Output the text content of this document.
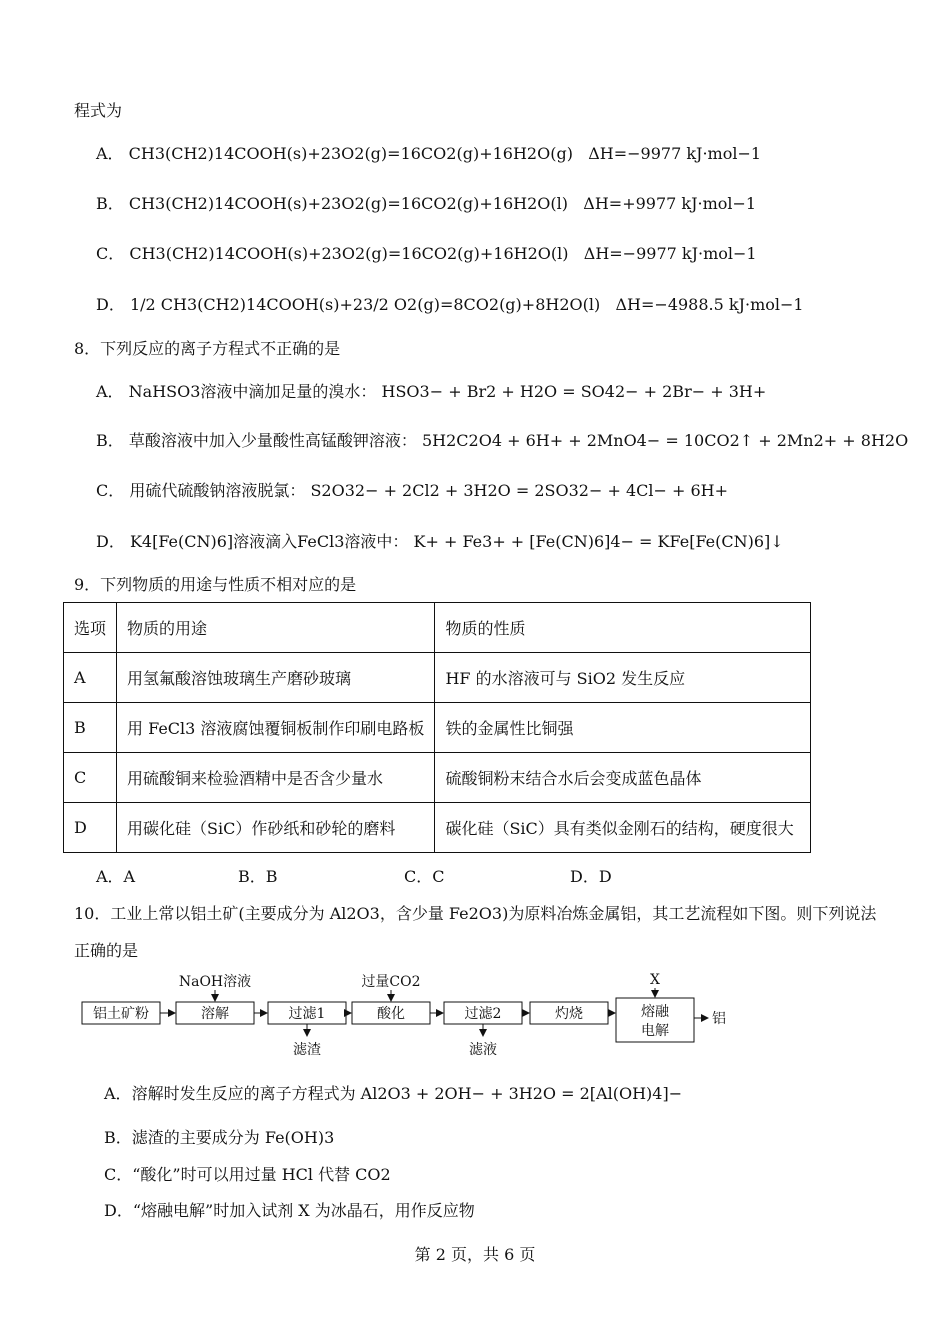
程式为
A． CH3(CH2)14COOH(s)+23O2(g)=16CO2(g)+16H2O(g) ΔH=−9977 kJ·mol−1
B． CH3(CH2)14COOH(s)+23O2(g)=16CO2(g)+16H2O(l) ΔH=+9977 kJ·mol−1
C． CH3(CH2)14COOH(s)+23O2(g)=16CO2(g)+16H2O(l) ΔH=−9977 kJ·mol−1
D． 1/2 CH3(CH2)14COOH(s)+23/2 O2(g)=8CO2(g)+8H2O(l) ΔH=−4988.5 kJ·mol−1
8．下列反应的离子方程式不正确的是
A． NaHSO3溶液中滴加足量的溴水： HSO3− + Br2 + H2O = SO42− + 2Br− + 3H+
B． 草酸溶液中加入少量酸性高锰酸钾溶液： 5H2C2O4 + 6H+ + 2MnO4− = 10CO2↑ + 2Mn2+ + 8H2O
C． 用硫代硫酸钠溶液脱氯： S2O32− + 2Cl2 + 3H2O = 2SO32− + 4Cl− + 6H+
D． K4[Fe(CN)6]溶液滴入FeCl3溶液中： K+ + Fe3+ + [Fe(CN)6]4− = KFe[Fe(CN)6]↓
9．下列物质的用途与性质不相对应的是
选项	物质的用途	物质的性质
A	用氢氟酸溶蚀玻璃生产磨砂玻璃	HF 的水溶液可与 SiO2 发生反应
B	用 FeCl3 溶液腐蚀覆铜板制作印刷电路板	铁的金属性比铜强
C	用硫酸铜来检验酒精中是否含少量水	硫酸铜粉末结合水后会变成蓝色晶体
D	用碳化硅（SiC）作砂纸和砂轮的磨料	碳化硅（SiC）具有类似金刚石的结构，硬度很大
A．A	B．B	C．C	D．D
10．工业上常以铝土矿(主要成分为 Al2O3，含少量 Fe2O3)为原料冶炼金属铝，其工艺流程如下图。则下列说法
正确的是
铝土矿粉	溶解	过滤1	酸化	过滤2	灼烧	熔融
电解
铝
NaOH溶液	过量CO2	X
滤渣	滤液
A．溶解时发生反应的离子方程式为 Al2O3 + 2OH− + 3H2O = 2[Al(OH)4]−
B．滤渣的主要成分为 Fe(OH)3
C．“酸化”时可以用过量 HCl 代替 CO2
D．“熔融电解”时加入试剂 X 为冰晶石，用作反应物
第 2 页，共 6 页
